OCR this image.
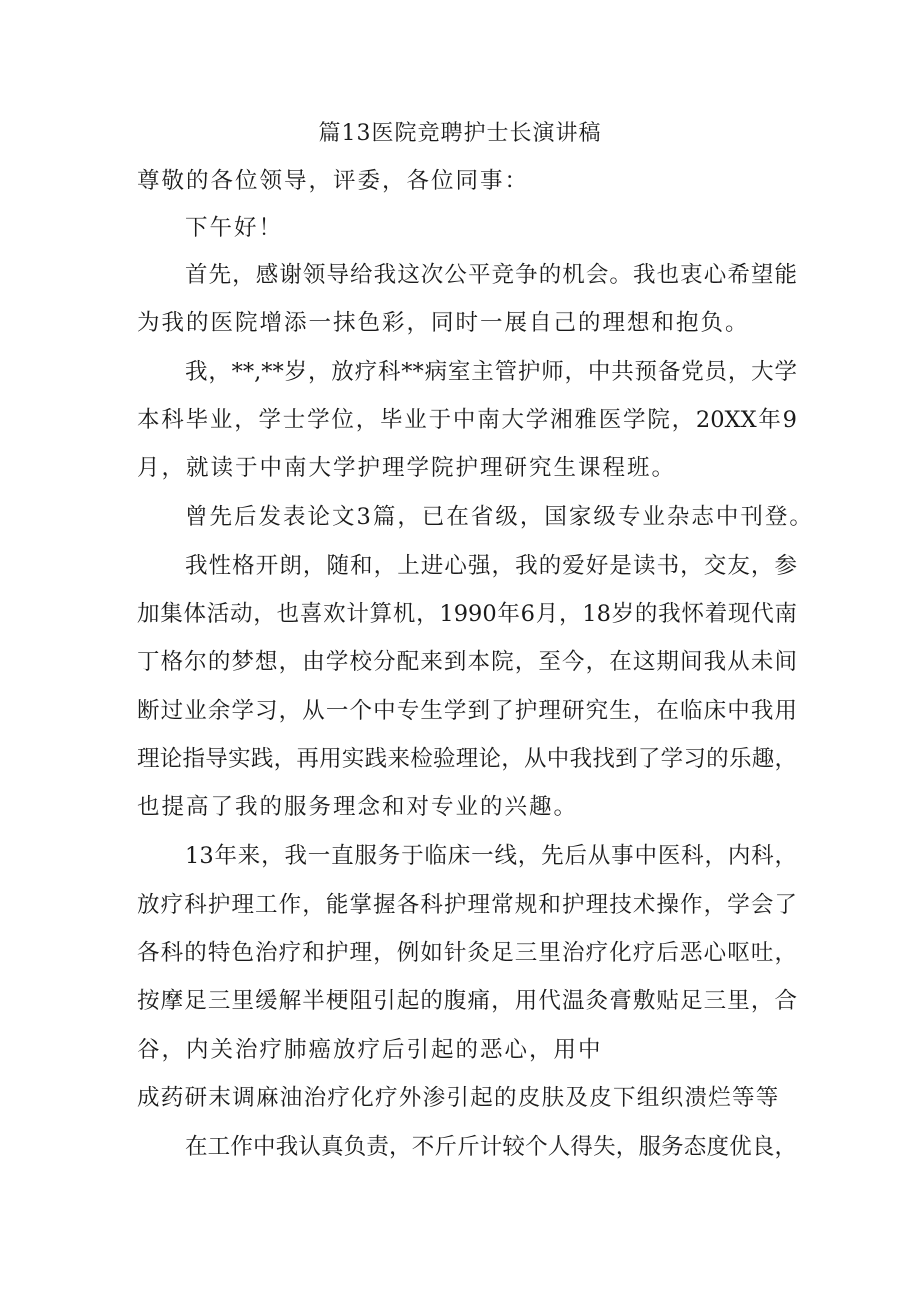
篇13医院竞聘护士长演讲稿
尊敬的各位领导，评委，各位同事：
下午好！
首先，感谢领导给我这次公平竞争的机会。我也衷心希望能
为我的医院增添一抹色彩，同时一展自己的理想和抱负。
我，**,**岁，放疗科**病室主管护师，中共预备党员，大学
本科毕业，学士学位，毕业于中南大学湘雅医学院，20XX年9
月，就读于中南大学护理学院护理研究生课程班。
曾先后发表论文3篇，已在省级，国家级专业杂志中刊登。
我性格开朗，随和，上进心强，我的爱好是读书，交友，参
加集体活动，也喜欢计算机，1990年6月，18岁的我怀着现代南
丁格尔的梦想，由学校分配来到本院，至今，在这期间我从未间
断过业余学习，从一个中专生学到了护理研究生，在临床中我用
理论指导实践，再用实践来检验理论，从中我找到了学习的乐趣，
也提高了我的服务理念和对专业的兴趣。
13年来，我一直服务于临床一线，先后从事中医科，内科，
放疗科护理工作，能掌握各科护理常规和护理技术操作，学会了
各科的特色治疗和护理，例如针灸足三里治疗化疗后恶心呕吐，
按摩足三里缓解半梗阻引起的腹痛，用代温灸膏敷贴足三里，合
谷，内关治疗肺癌放疗后引起的恶心，用中
成药研末调麻油治疗化疗外渗引起的皮肤及皮下组织溃烂等等
在工作中我认真负责，不斤斤计较个人得失，服务态度优良，
